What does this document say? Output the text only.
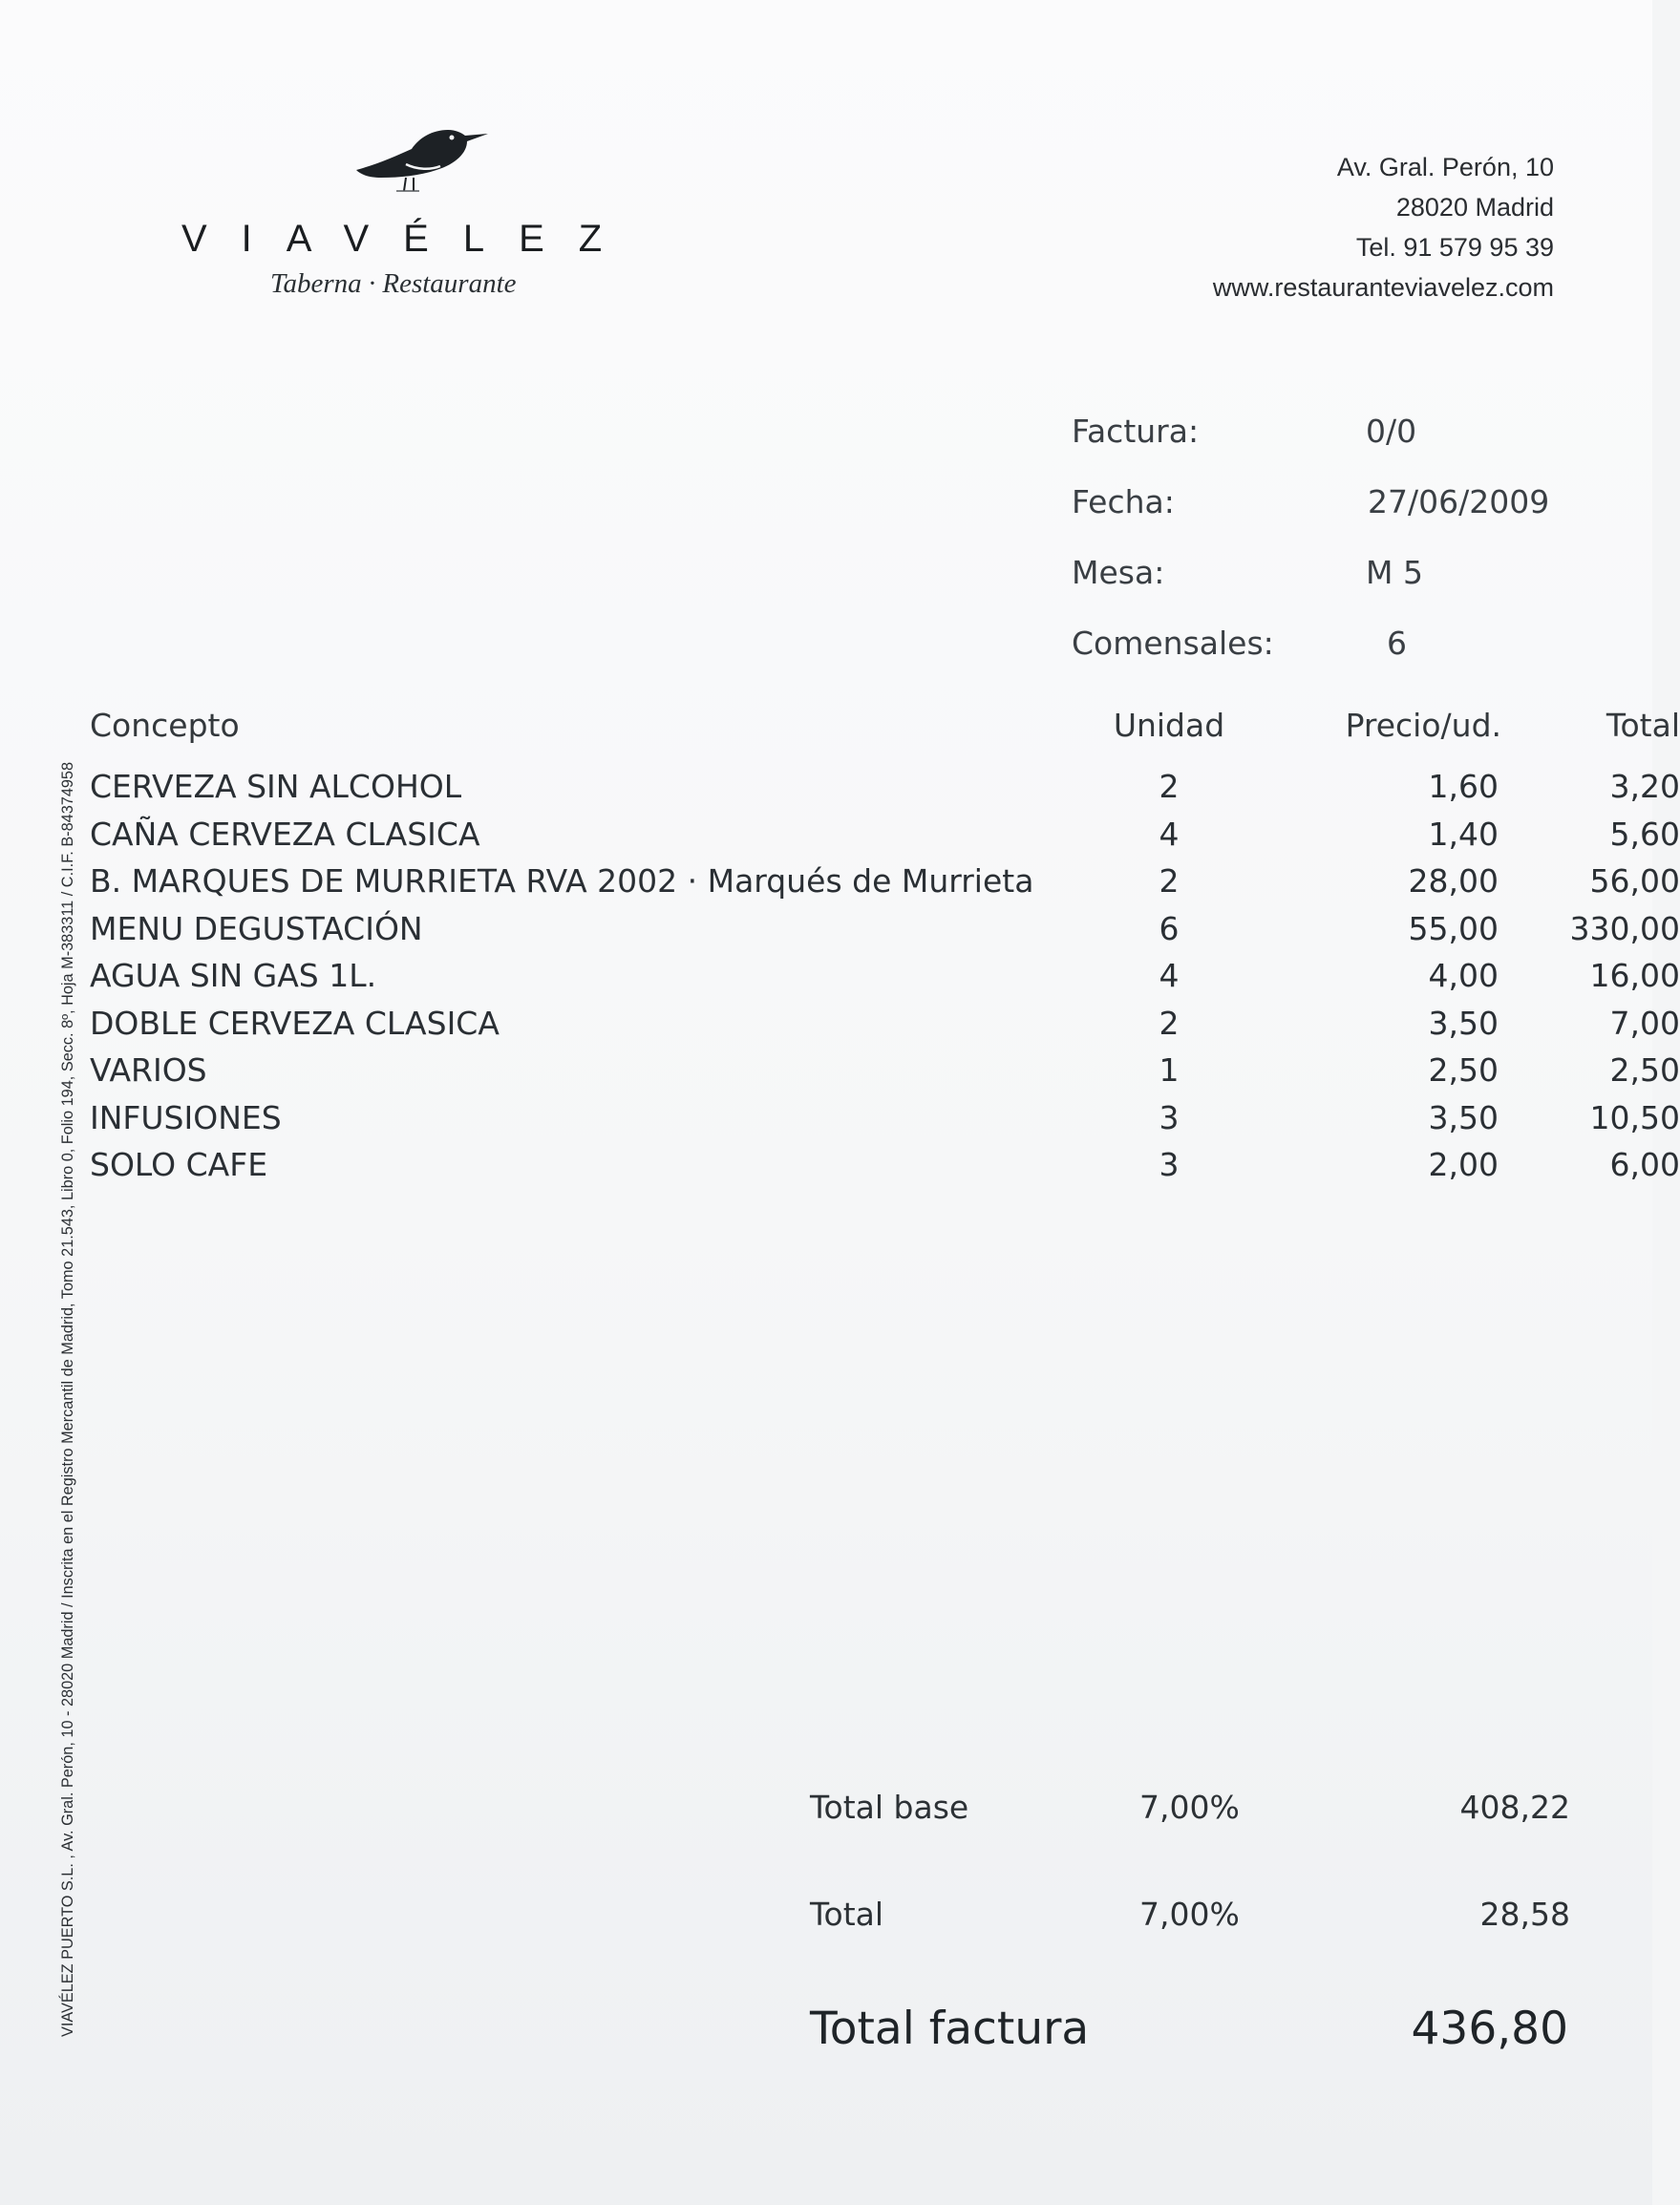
VIAVÉLEZ
Taberna · Restaurante
Av. Gral. Perón, 10
28020 Madrid
Tel. 91 579 95 39
www.restauranteviavelez.com
Factura:	0/0
Fecha:	27/06/2009
Mesa:	M 5
Comensales:	6
Concepto	Unidad	Precio/ud.	Total
CERVEZA SIN ALCOHOL	2	1,60	3,20
CAÑA CERVEZA CLASICA	4	1,40	5,60
B. MARQUES DE MURRIETA RVA 2002 · Marqués de Murrieta	2	28,00	56,00
MENU DEGUSTACIÓN	6	55,00	330,00
AGUA SIN GAS 1L.	4	4,00	16,00
DOBLE CERVEZA CLASICA	2	3,50	7,00
VARIOS	1	2,50	2,50
INFUSIONES	3	3,50	10,50
SOLO CAFE	3	2,00	6,00
Total base	7,00%	408,22
Total	7,00%	28,58
Total factura	436,80
VIAVÉLEZ PUERTO S.L. , Av. Gral. Perón, 10 - 28020 Madrid / Inscrita en el Registro Mercantil de Madrid, Tomo 21.543, Libro 0, Folio 194, Secc. 8º, Hoja M-383311 / C.I.F. B-84374958
